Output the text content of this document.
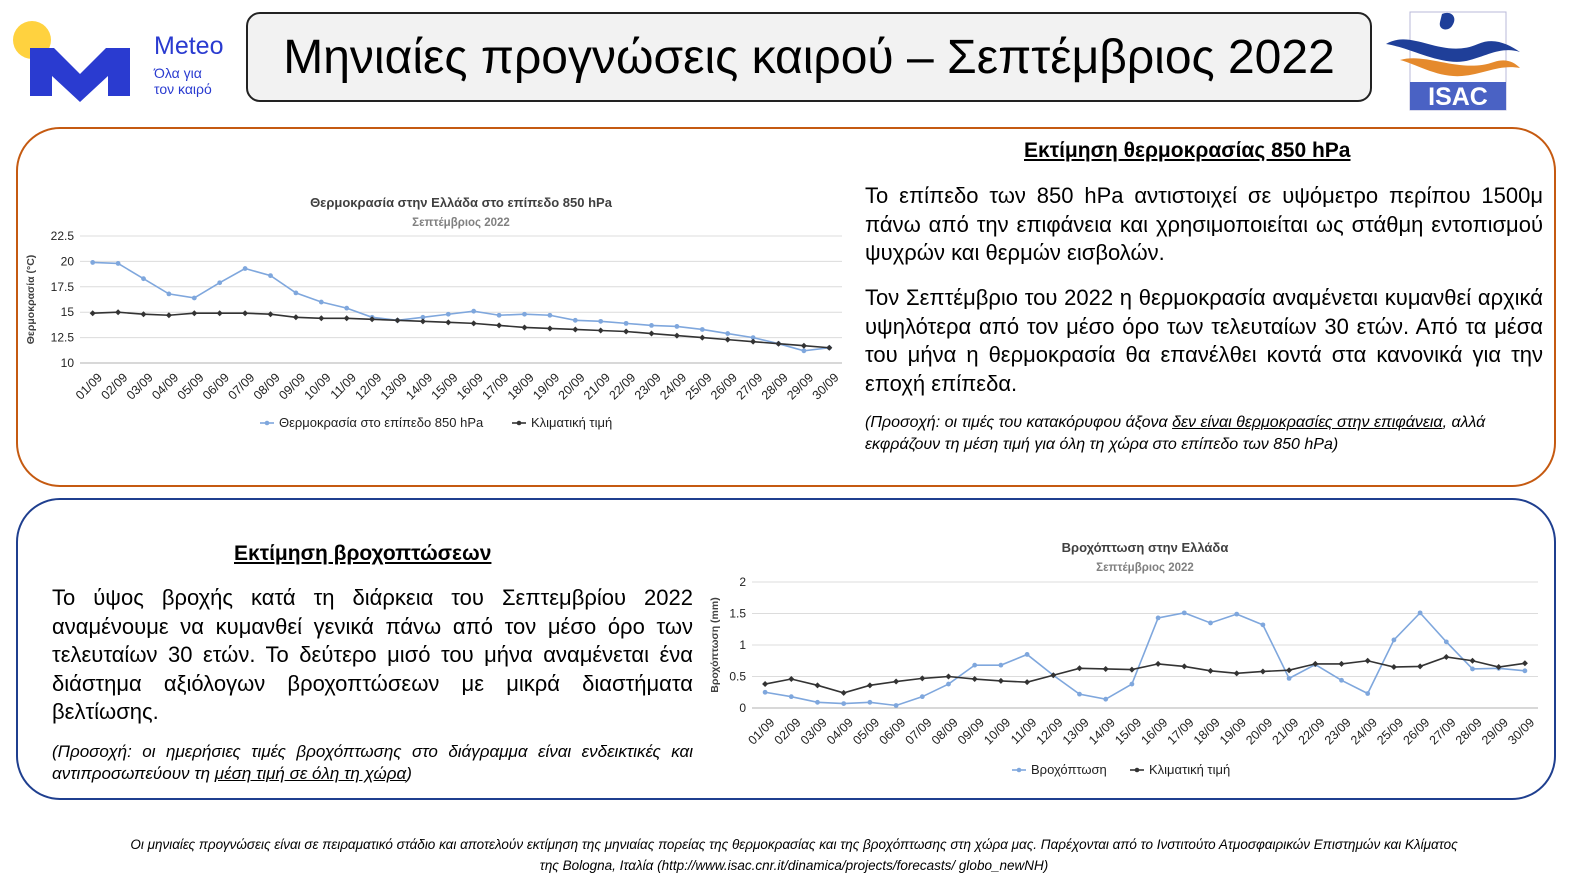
Meteo
Όλα για
τον καιρό
Μηνιαίες προγνώσεις καιρού – Σεπτέμβριος 2022
ISAC
Θερμοκρασία στην Ελλάδα στο επίπεδο 850 hPa
Σεπτέμβριος 2022
10
12.5
15
17.5
20
22.5
Θερμοκρασία (°C)
01/09
02/09
03/09
04/09
05/09
06/09
07/09
08/09
09/09
10/09
11/09
12/09
13/09
14/09
15/09
16/09
17/09
18/09
19/09
20/09
21/09
22/09
23/09
24/09
25/09
26/09
27/09
28/09
29/09
30/09
Θερμοκρασία στο επίπεδο 850 hPa	Κλιματική τιμή
Εκτίμηση θερμοκρασίας 850 hPa
Το επίπεδο των 850 hPa αντιστοιχεί σε υψόμετρο περίπου 1500μ πάνω από την επιφάνεια και χρησιμοποιείται ως στάθμη εντοπισμού ψυχρών και θερμών εισβολών.
Τον Σεπτέμβριο του 2022 η θερμοκρασία αναμένεται κυμανθεί αρχικά υψηλότερα από τον μέσο όρο των τελευταίων 30 ετών. Από τα μέσα του μήνα η θερμοκρασία θα επανέλθει κοντά στα κανονικά για την εποχή επίπεδα.
(Προσοχή: οι τιμές του κατακόρυφου άξονα δεν είναι θερμοκρασίες στην επιφάνεια, αλλά εκφράζουν τη μέση τιμή για όλη τη χώρα στο επίπεδο των 850 hPa)
Εκτίμηση βροχοπτώσεων
Το ύψος βροχής κατά τη διάρκεια του Σεπτεμβρίου 2022 αναμένουμε να κυμανθεί γενικά πάνω από τον μέσο όρο των τελευταίων 30 ετών. Το δεύτερο μισό του μήνα αναμένεται ένα διάστημα αξιόλογων βροχοπτώσεων με μικρά διαστήματα βελτίωσης.
(Προσοχή: οι ημερήσιες τιμές βροχόπτωσης στο διάγραμμα είναι ενδεικτικές και αντιπροσωπεύουν τη μέση τιμή σε όλη τη χώρα)
Βροχόπτωση στην Ελλάδα
Σεπτέμβριος 2022
0
0.5
1
1.5
2
Βροχόπτωση (mm)
01/09
02/09
03/09
04/09
05/09
06/09
07/09
08/09
09/09
10/09
11/09
12/09
13/09
14/09
15/09
16/09
17/09
18/09
19/09
20/09
21/09
22/09
23/09
24/09
25/09
26/09
27/09
28/09
29/09
30/09
Βροχόπτωση	Κλιματική τιμή
Οι μηνιαίες προγνώσεις είναι σε πειραματικό στάδιο και αποτελούν εκτίμηση της μηνιαίας πορείας της θερμοκρασίας και της βροχόπτωσης στη χώρα μας. Παρέχονται από το Ινστιτούτο Ατμοσφαιρικών Επιστημών και Κλίματος
της Bologna, Ιταλία (http://www.isac.cnr.it/dinamica/projects/forecasts/ globo_newNH)
